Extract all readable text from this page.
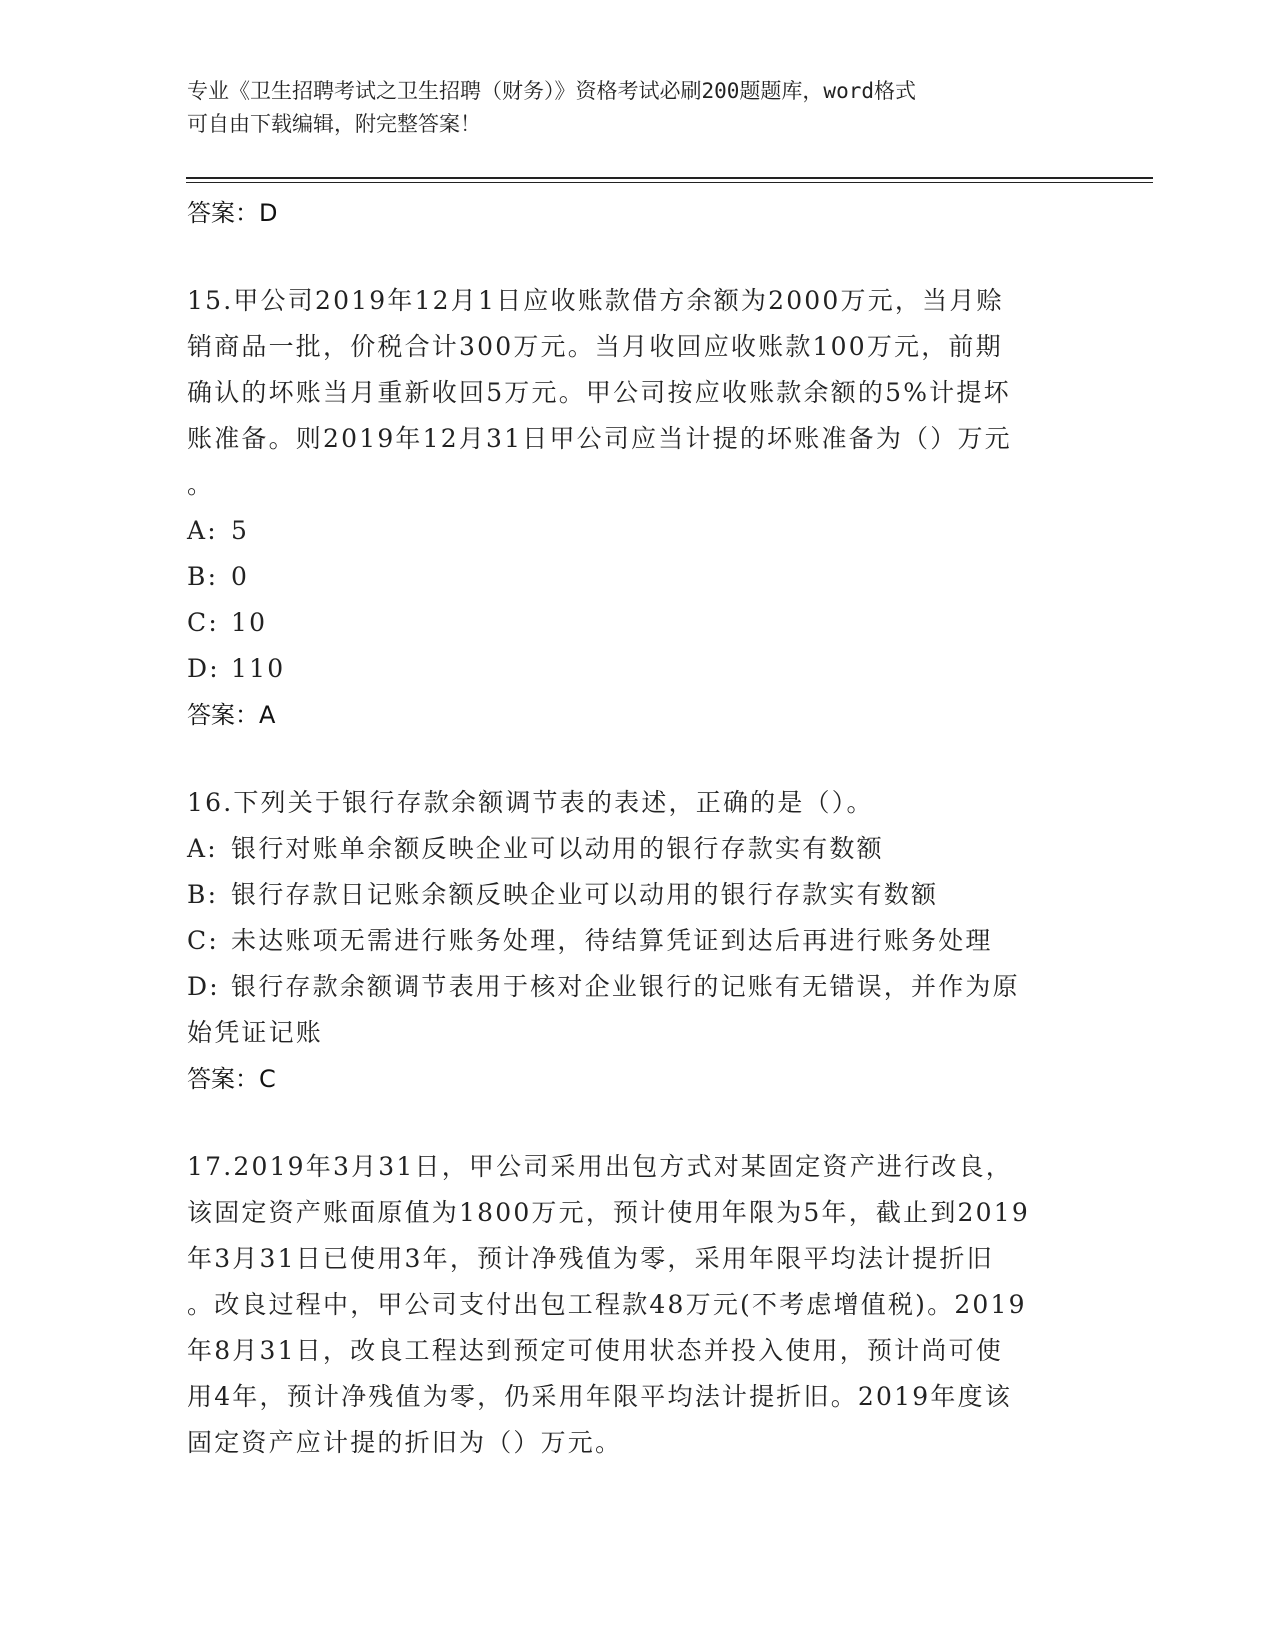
专业《卫生招聘考试之卫生招聘（财务）》资格考试必刷200题题库，word格式
可自由下载编辑，附完整答案！
答案：D
15.甲公司2019年12月1日应收账款借方余额为2000万元，当月赊
销商品一批，价税合计300万元。当月收回应收账款100万元，前期
确认的坏账当月重新收回5万元。甲公司按应收账款余额的5%计提坏
账准备。则2019年12月31日甲公司应当计提的坏账准备为（）万元
。
A: 5
B: 0
C: 10
D: 110
答案：A
16.下列关于银行存款余额调节表的表述，正确的是（）。
A: 银行对账单余额反映企业可以动用的银行存款实有数额
B: 银行存款日记账余额反映企业可以动用的银行存款实有数额
C: 未达账项无需进行账务处理，待结算凭证到达后再进行账务处理
D: 银行存款余额调节表用于核对企业银行的记账有无错误，并作为原
始凭证记账
答案：C
17.2019年3月31日，甲公司采用出包方式对某固定资产进行改良，
该固定资产账面原值为1800万元，预计使用年限为5年，截止到2019
年3月31日已使用3年，预计净残值为零，采用年限平均法计提折旧
。改良过程中，甲公司支付出包工程款48万元(不考虑增值税)。2019
年8月31日，改良工程达到预定可使用状态并投入使用，预计尚可使
用4年，预计净残值为零，仍采用年限平均法计提折旧。2019年度该
固定资产应计提的折旧为（）万元。
